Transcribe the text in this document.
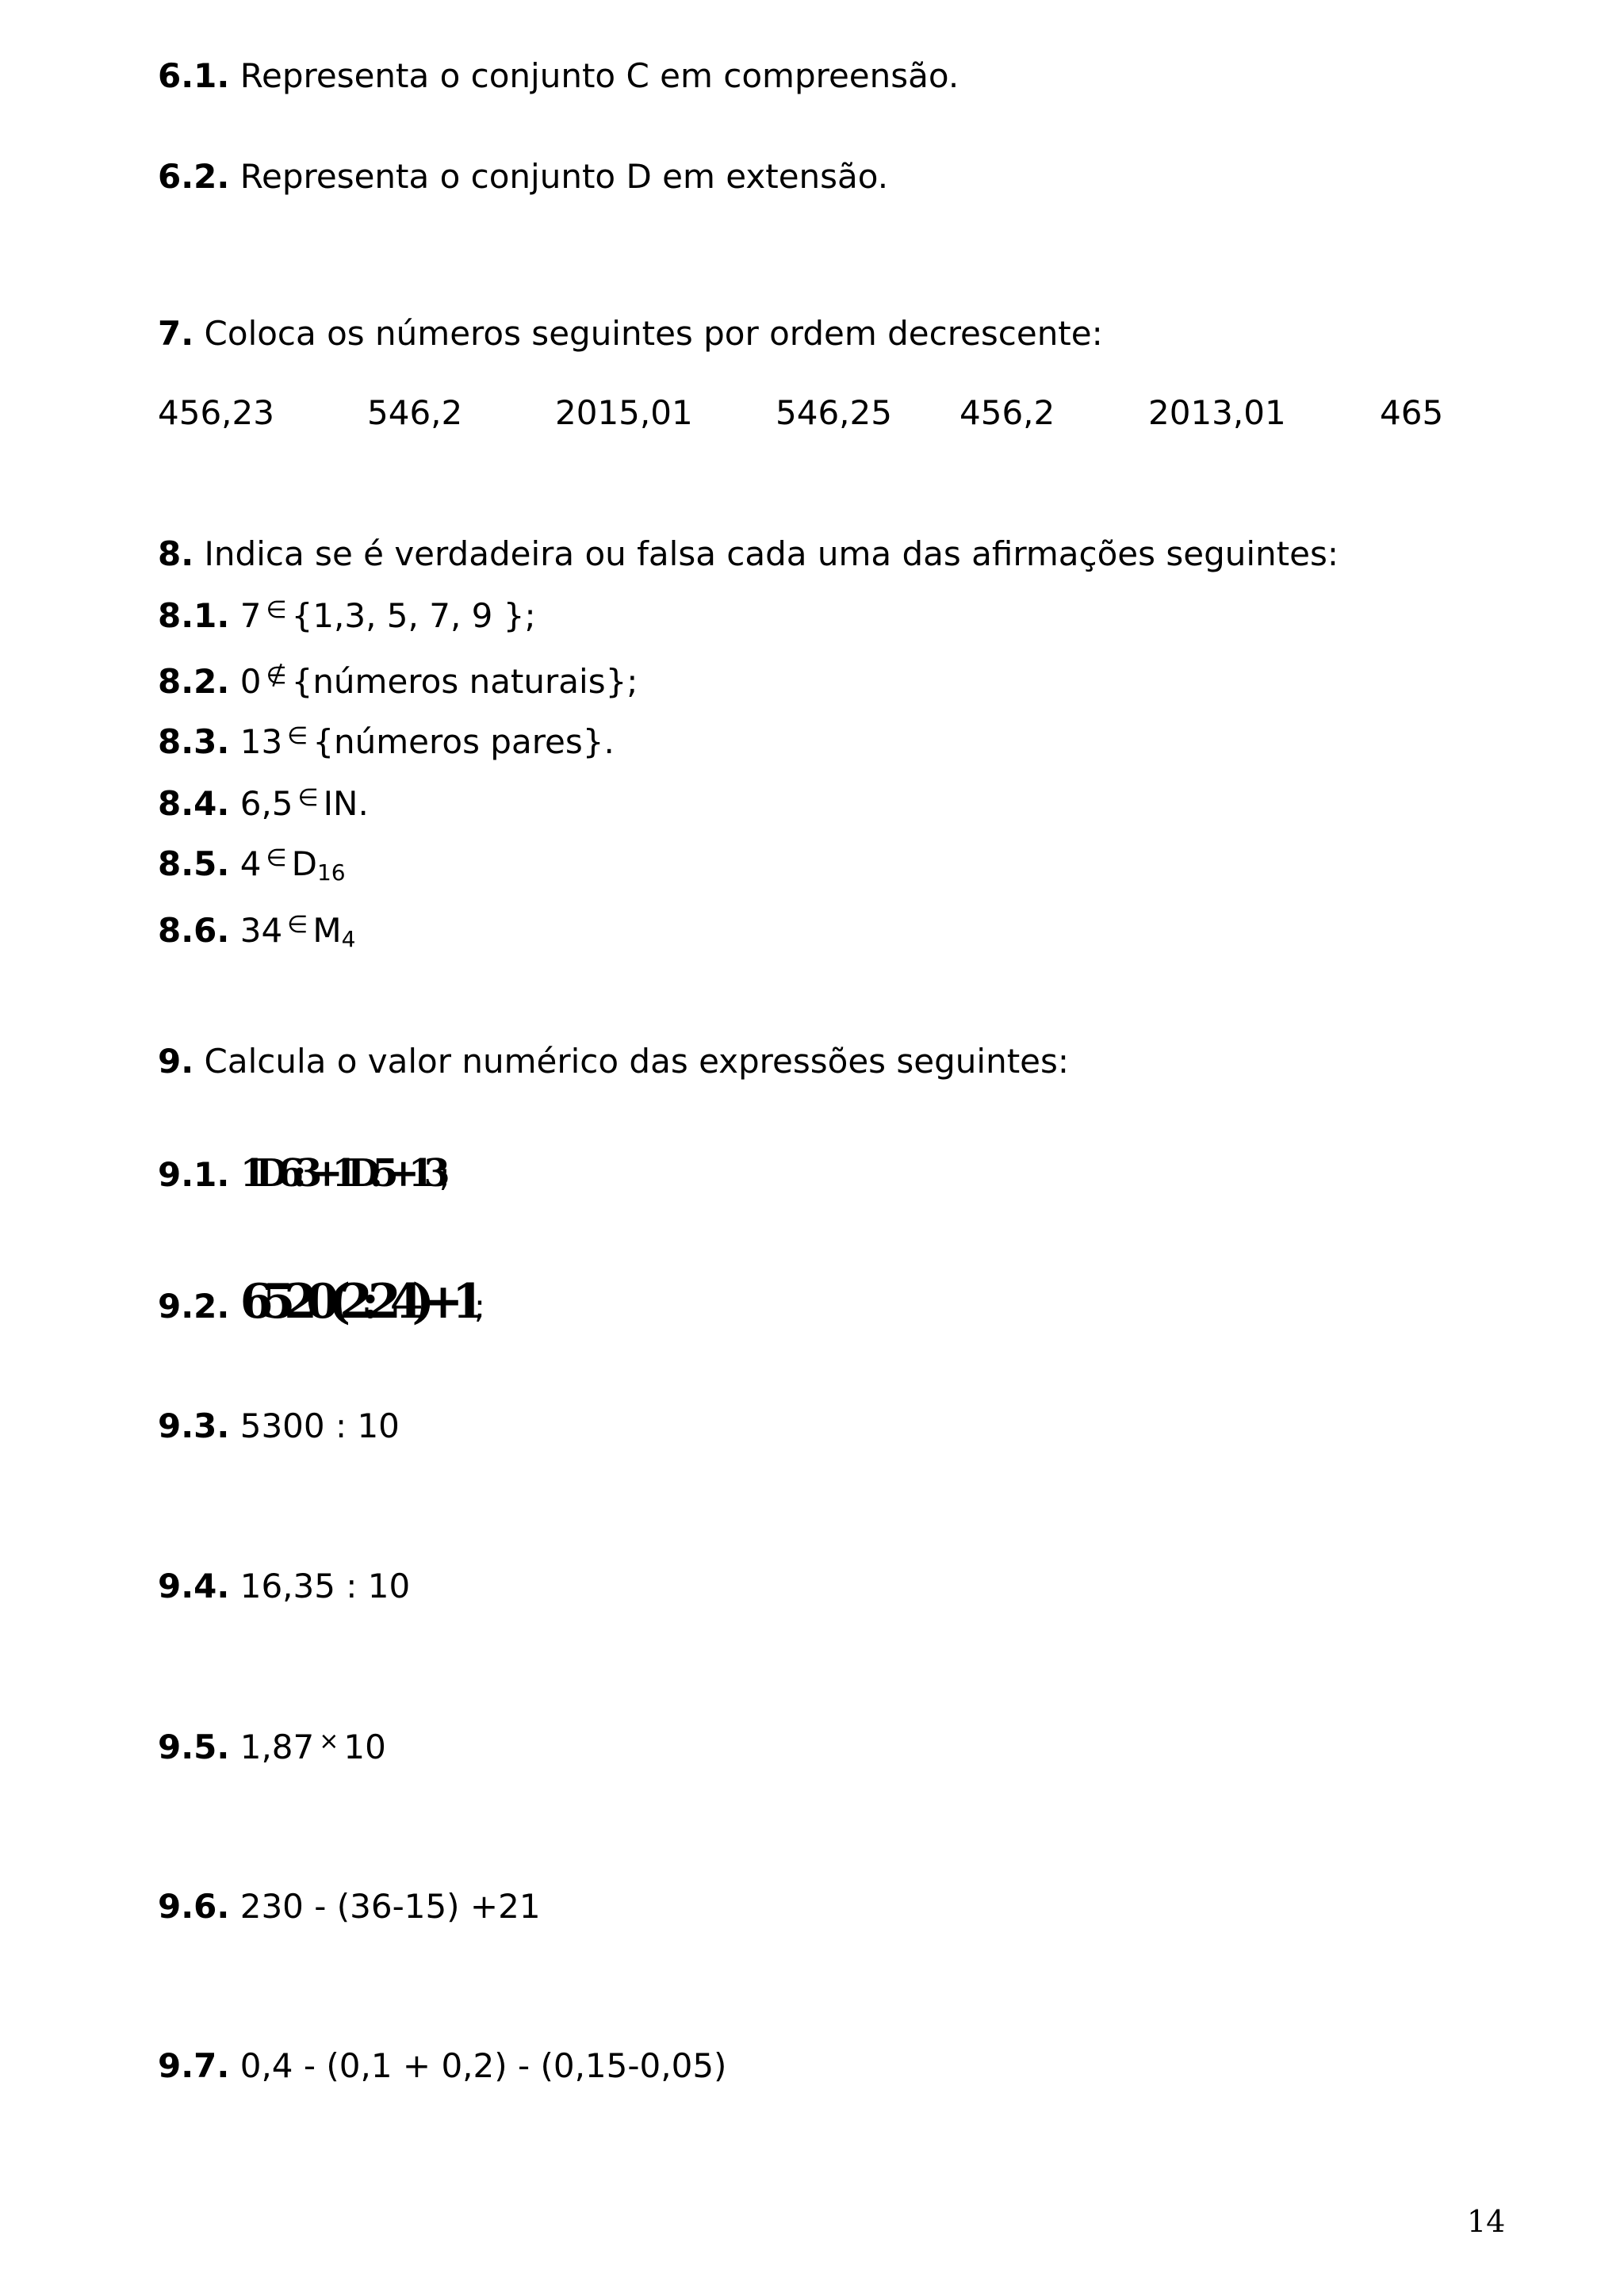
6.1. Representa o conjunto C em compreensão.
6.2. Representa o conjunto D em extensão.
7. Coloca os números seguintes por ordem decrescente:
456,23	546,2	2015,01 546,25 456,2	2013,01	465
8. Indica se é verdadeira ou falsa cada uma das afirmações seguintes:
8.1. 7 ∈ {1,3, 5, 7, 9 };
8.2. 0 ∉ {números naturais};
8.3. 13 ∈ {números pares}.
8.4. 6,5 ∈ IN.
8.5. 4 ∈ $D_{16}$
8.6. 34 ∈ $M_4$
9. Calcula o valor numérico das expressões seguintes:
9.1. 1D6:3+1D:5+13;
9.2. 6520(2:24)+1;
9.3. 5300 : 10
9.4. 16,35 : 10
9.5. 1,87 × 10
9.6. 230 - (36-15) +21
9.7. 0,4 - (0,1 + 0,2) - (0,15-0,05)
14
